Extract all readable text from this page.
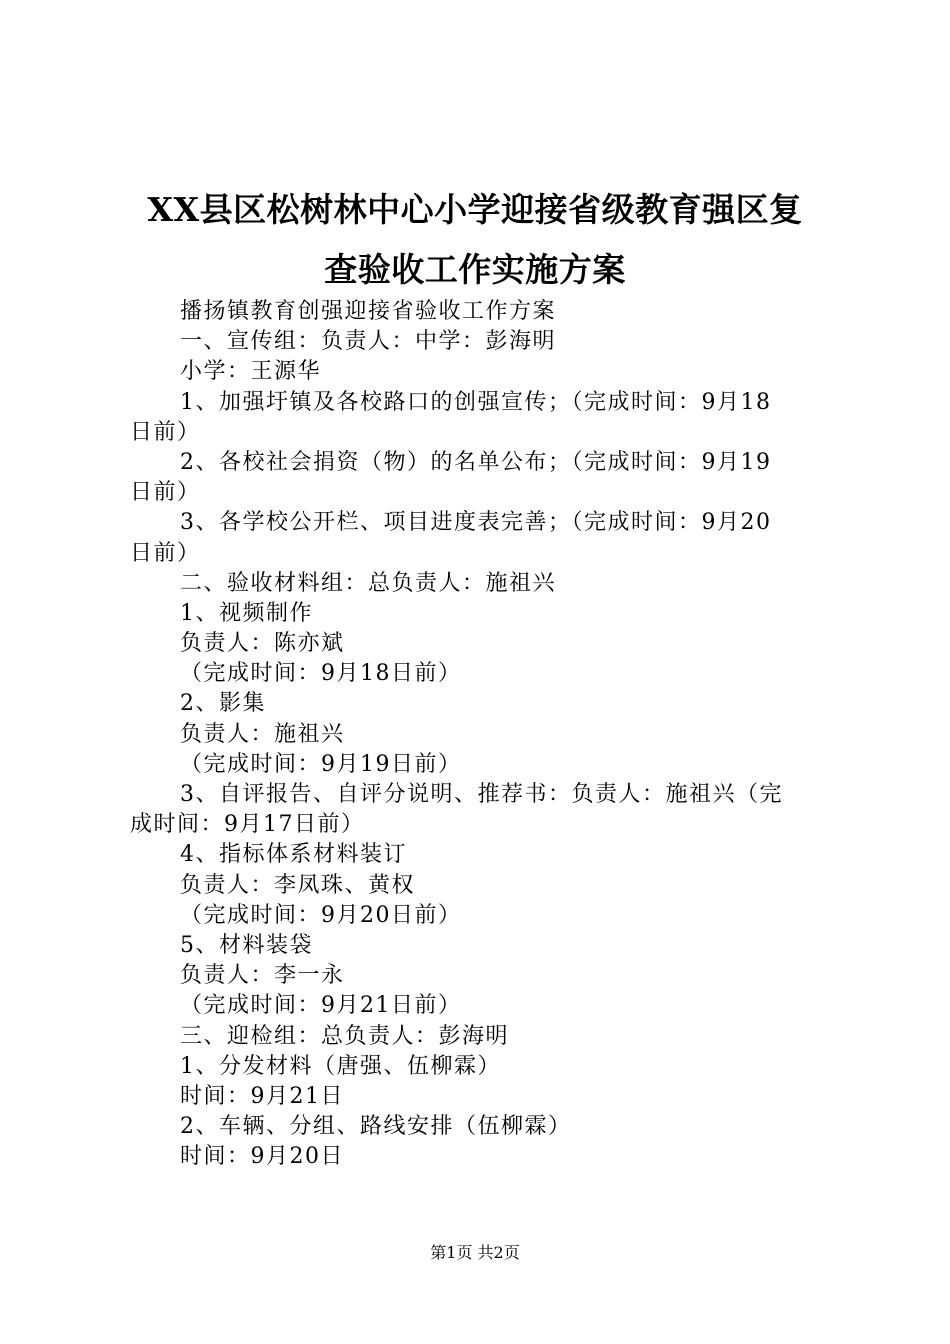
XX县区松树林中心小学迎接省级教育强区复
查验收工作实施方案
播扬镇教育创强迎接省验收工作方案
一、宣传组：负责人：中学：彭海明
小学：王源华
1、加强圩镇及各校路口的创强宣传；（完成时间：9月18
日前）
2、各校社会捐资（物）的名单公布；（完成时间：9月19
日前）
3、各学校公开栏、项目进度表完善；（完成时间：9月20
日前）
二、验收材料组：总负责人：施祖兴
1、视频制作
负责人：陈亦斌
（完成时间：9月18日前）
2、影集
负责人：施祖兴
（完成时间：9月19日前）
3、自评报告、自评分说明、推荐书：负责人：施祖兴（完
成时间：9月17日前）
4、指标体系材料装订
负责人：李凤珠、黄权
（完成时间：9月20日前）
5、材料装袋
负责人：李一永
（完成时间：9月21日前）
三、迎检组：总负责人：彭海明
1、分发材料（唐强、伍柳霖）
时间：9月21日
2、车辆、分组、路线安排（伍柳霖）
时间：9月20日
第1页 共2页
